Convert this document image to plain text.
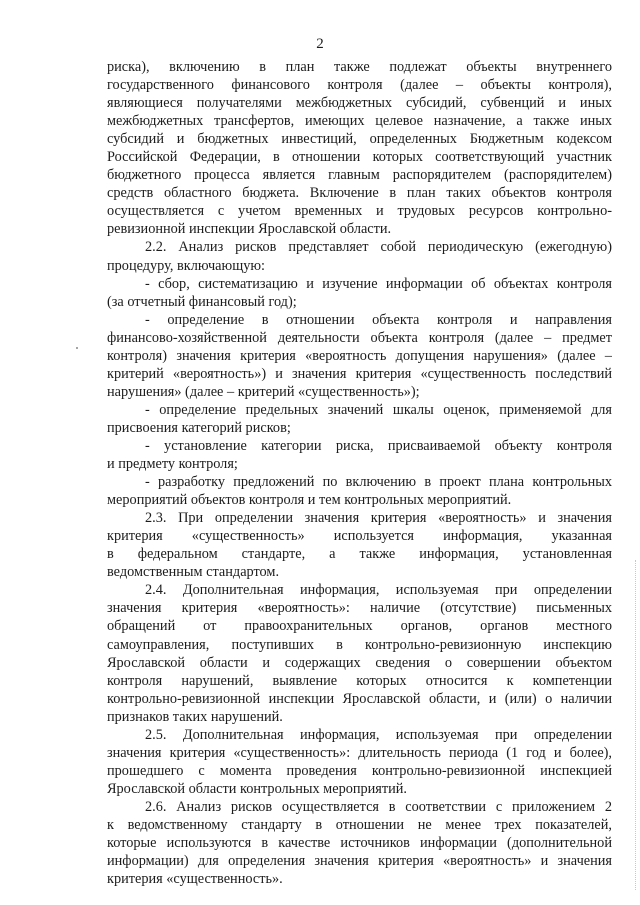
2
риска), включению в план также подлежат объекты внутреннего
государственного финансового контроля (далее – объекты контроля),
являющиеся получателями межбюджетных субсидий, субвенций и иных
межбюджетных трансфертов, имеющих целевое назначение, а также иных
субсидий и бюджетных инвестиций, определенных Бюджетным кодексом
Российской Федерации, в отношении которых соответствующий участник
бюджетного процесса является главным распорядителем (распорядителем)
средств областного бюджета. Включение в план таких объектов контроля
осуществляется с учетом временных и трудовых ресурсов контрольно-
ревизионной инспекции Ярославской области.
2.2. Анализ рисков представляет собой периодическую (ежегодную)
процедуру, включающую:
- сбор, систематизацию и изучение информации об объектах контроля
(за отчетный финансовый год);
- определение в отношении объекта контроля и направления
финансово-хозяйственной деятельности объекта контроля (далее – предмет
контроля) значения критерия «вероятность допущения нарушения» (далее –
критерий «вероятность») и значения критерия «существенность последствий
нарушения» (далее – критерий «существенность»);
- определение предельных значений шкалы оценок, применяемой для
присвоения категорий рисков;
- установление категории риска, присваиваемой объекту контроля
и предмету контроля;
- разработку предложений по включению в проект плана контрольных
мероприятий объектов контроля и тем контрольных мероприятий.
2.3. При определении значения критерия «вероятность» и значения
критерия «существенность» используется информация, указанная
в федеральном стандарте, а также информация, установленная
ведомственным стандартом.
2.4. Дополнительная информация, используемая при определении
значения критерия «вероятность»: наличие (отсутствие) письменных
обращений от правоохранительных органов, органов местного
самоуправления, поступивших в контрольно-ревизионную инспекцию
Ярославской области и содержащих сведения о совершении объектом
контроля нарушений, выявление которых относится к компетенции
контрольно-ревизионной инспекции Ярославской области, и (или) о наличии
признаков таких нарушений.
2.5. Дополнительная информация, используемая при определении
значения критерия «существенность»: длительность периода (1 год и более),
прошедшего с момента проведения контрольно-ревизионной инспекцией
Ярославской области контрольных мероприятий.
2.6. Анализ рисков осуществляется в соответствии с приложением 2
к ведомственному стандарту в отношении не менее трех показателей,
которые используются в качестве источников информации (дополнительной
информации) для определения значения критерия «вероятность» и значения
критерия «существенность».
